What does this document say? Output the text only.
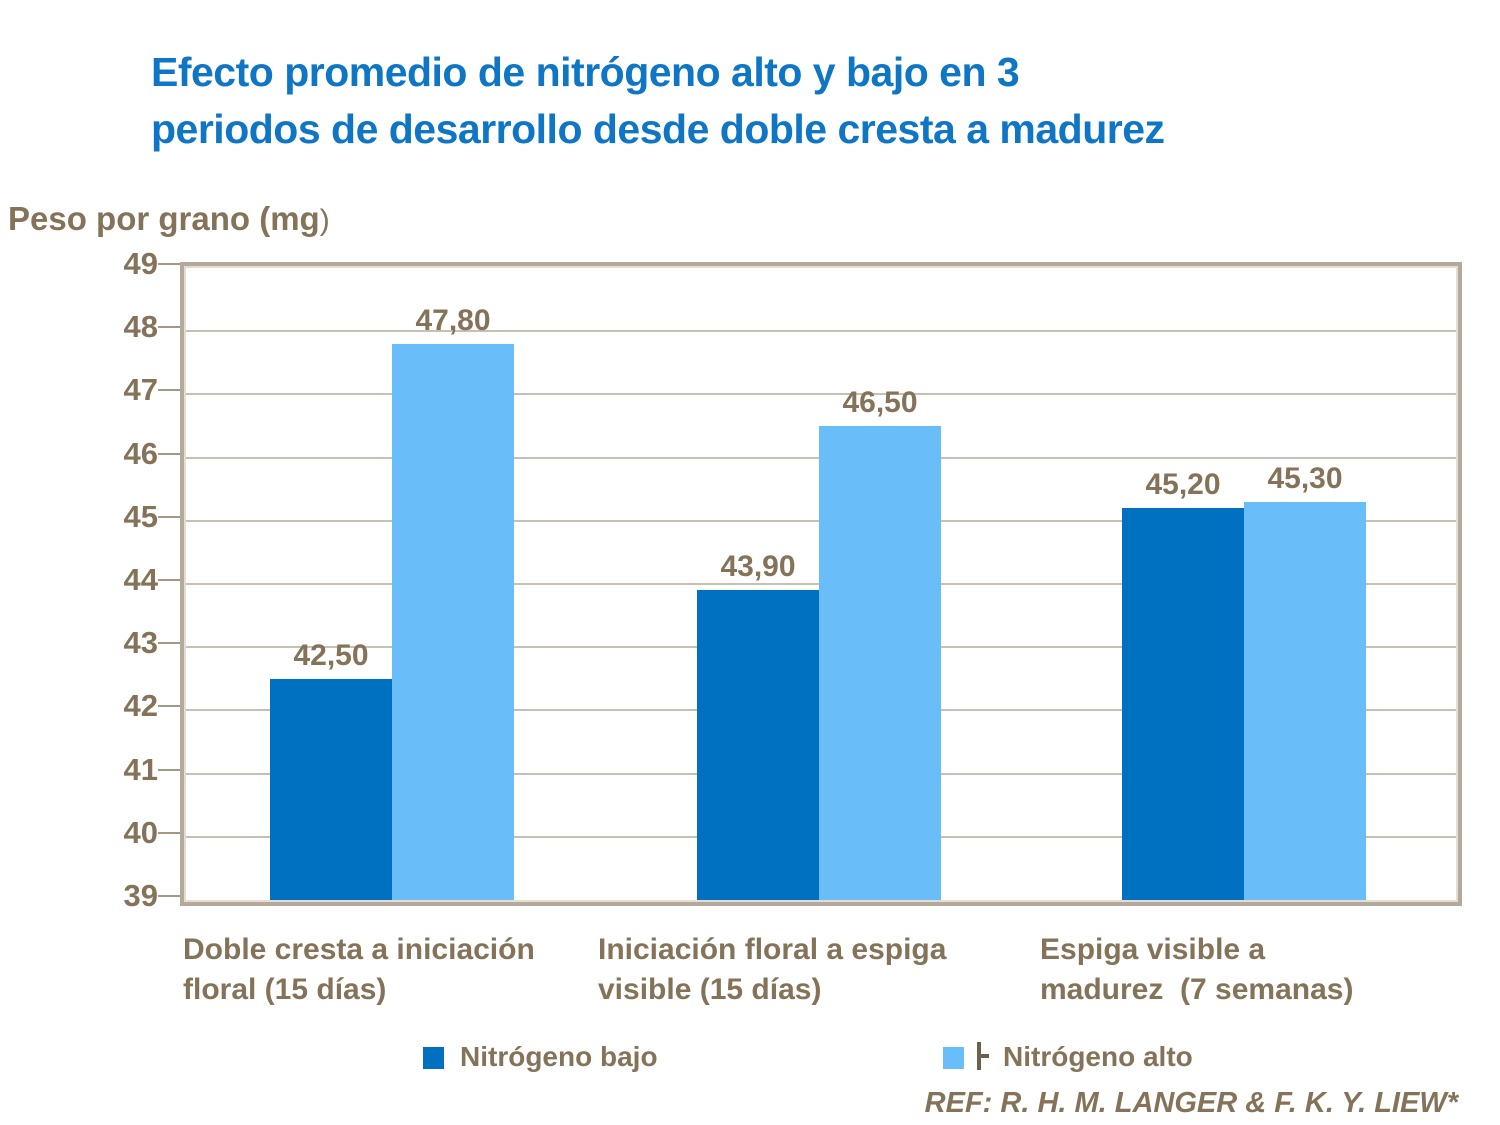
Efecto promedio de nitrógeno alto y bajo en 3
periodos de desarrollo desde doble cresta a madurez
Peso por grano (mg)
42,50
43,90
45,20
47,80
46,50
45,30
49
48
47
46
45
44
43
42
41
40
39
Doble cresta a iniciación
floral (15 días)
Iniciación floral a espiga
visible (15 días)
Espiga visible a
madurez  (7 semanas)
Nitrógeno bajo	Nitrógeno alto
REF: R. H. M. LANGER & F. K. Y. LIEW*
